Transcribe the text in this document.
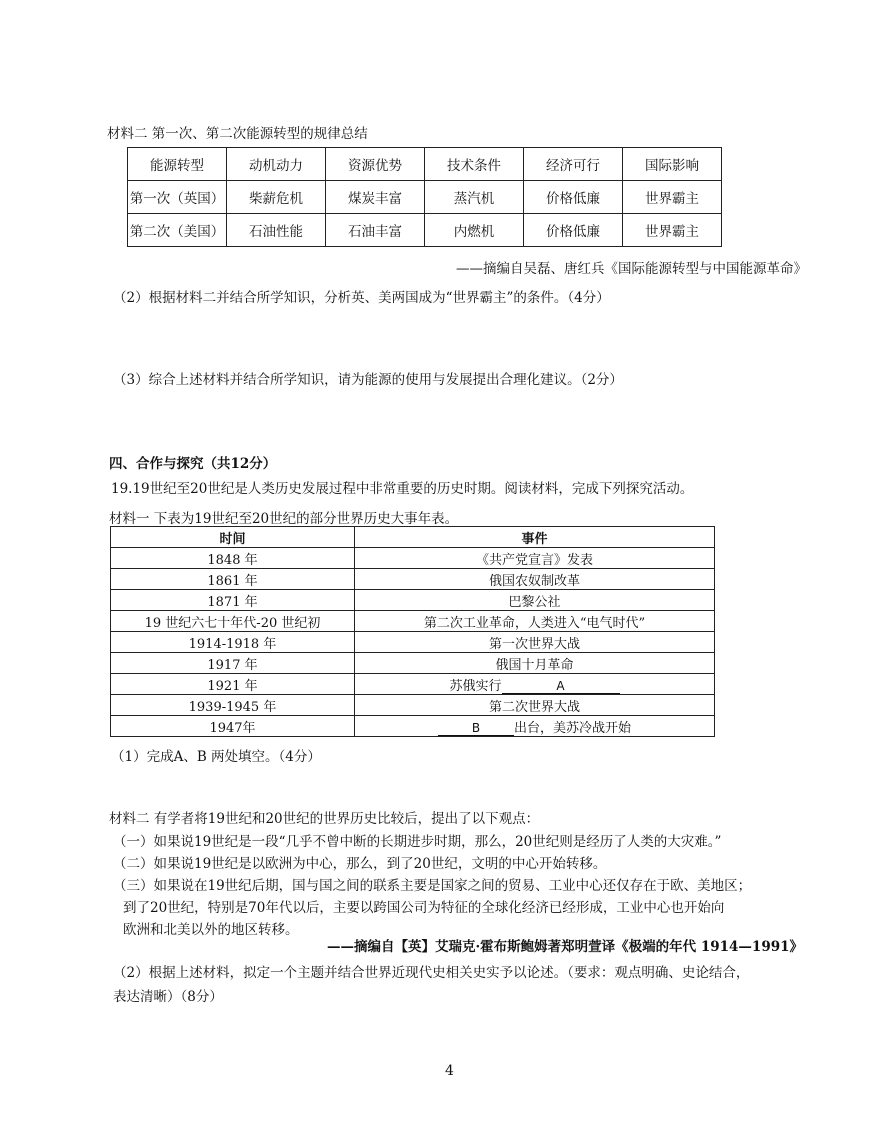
材料二 第一次、第二次能源转型的规律总结
能源转型	动机动力	资源优势	技术条件	经济可行	国际影响
第一次（英国）	柴薪危机	煤炭丰富	蒸汽机	价格低廉	世界霸主
第二次（美国）	石油性能	石油丰富	内燃机	价格低廉	世界霸主
——摘编自吴磊、唐红兵《国际能源转型与中国能源革命》
（2）根据材料二并结合所学知识，分析英、美两国成为“世界霸主”的条件。（4分）
（3）综合上述材料并结合所学知识，请为能源的使用与发展提出合理化建议。（2分）
四、合作与探究（共12分）
19.19世纪至20世纪是人类历史发展过程中非常重要的历史时期。阅读材料，完成下列探究活动。
材料一 下表为19世纪至20世纪的部分世界历史大事年表。
时间	事件
1848 年	《共产党宣言》发表
1861 年	俄国农奴制改革
1871 年	巴黎公社
19 世纪六七十年代-20 世纪初	第二次工业革命，人类进入“电气时代”
1914-1918 年	第一次世界大战
1917 年	俄国十月革命
1921 年	苏俄实行 A
1939-1945 年	第二次世界大战
1947年	B 出台，美苏冷战开始
（1）完成A、B 两处填空。（4分）
材料二 有学者将19世纪和20世纪的世界历史比较后，提出了以下观点：
（一）如果说19世纪是一段“几乎不曾中断的长期进步时期，那么，20世纪则是经历了人类的大灾难。”
（二）如果说19世纪是以欧洲为中心，那么，到了20世纪，文明的中心开始转移。
（三）如果说在19世纪后期，国与国之间的联系主要是国家之间的贸易、工业中心还仅存在于欧、美地区；
到了20世纪，特别是70年代以后，主要以跨国公司为特征的全球化经济已经形成，工业中心也开始向
欧洲和北美以外的地区转移。
——摘编自【英】艾瑞克·霍布斯鲍姆著郑明萱译《极端的年代 1914—1991》
（2）根据上述材料，拟定一个主题并结合世界近现代史相关史实予以论述。（要求：观点明确、史论结合，
表达清晰）（8分）
4
